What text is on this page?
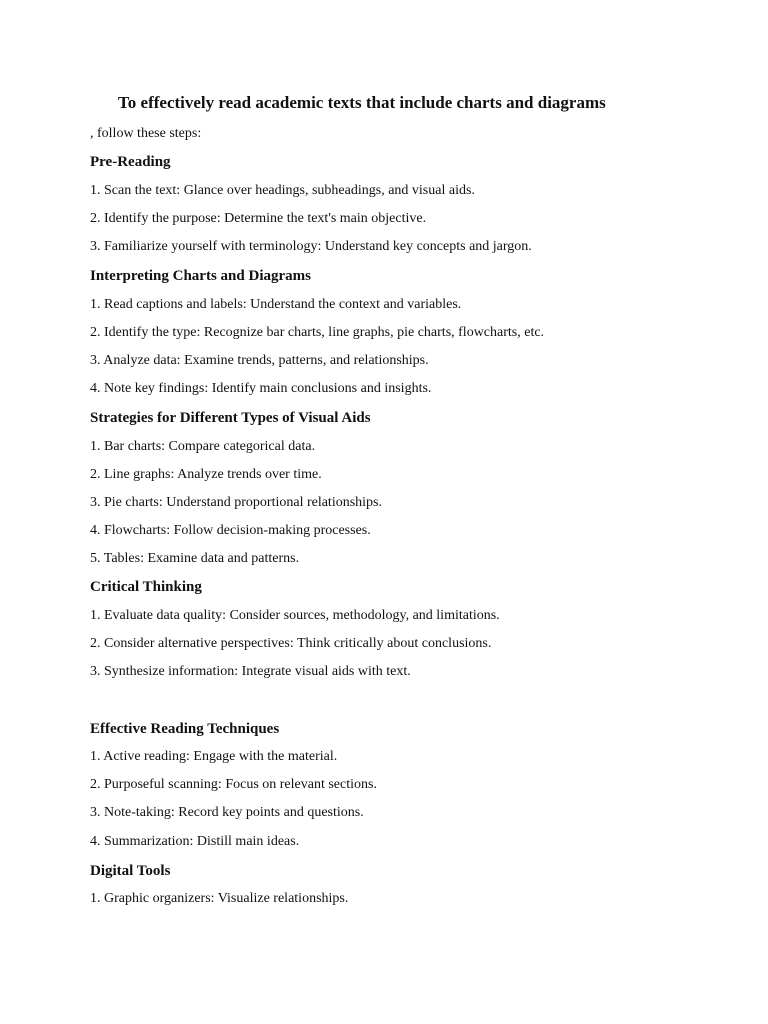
To effectively read academic texts that include charts and diagrams

, follow these steps:

Pre-Reading

1. Scan the text: Glance over headings, subheadings, and visual aids.

2. Identify the purpose: Determine the text's main objective.

3. Familiarize yourself with terminology: Understand key concepts and jargon.

Interpreting Charts and Diagrams

1. Read captions and labels: Understand the context and variables.

2. Identify the type: Recognize bar charts, line graphs, pie charts, flowcharts, etc.

3. Analyze data: Examine trends, patterns, and relationships.

4. Note key findings: Identify main conclusions and insights.

Strategies for Different Types of Visual Aids

1. Bar charts: Compare categorical data.

2. Line graphs: Analyze trends over time.

3. Pie charts: Understand proportional relationships.

4. Flowcharts: Follow decision-making processes.

5. Tables: Examine data and patterns.

Critical Thinking

1. Evaluate data quality: Consider sources, methodology, and limitations.

2. Consider alternative perspectives: Think critically about conclusions.

3. Synthesize information: Integrate visual aids with text.

Effective Reading Techniques

1. Active reading: Engage with the material.

2. Purposeful scanning: Focus on relevant sections.

3. Note-taking: Record key points and questions.

4. Summarization: Distill main ideas.

Digital Tools

1. Graphic organizers: Visualize relationships.
